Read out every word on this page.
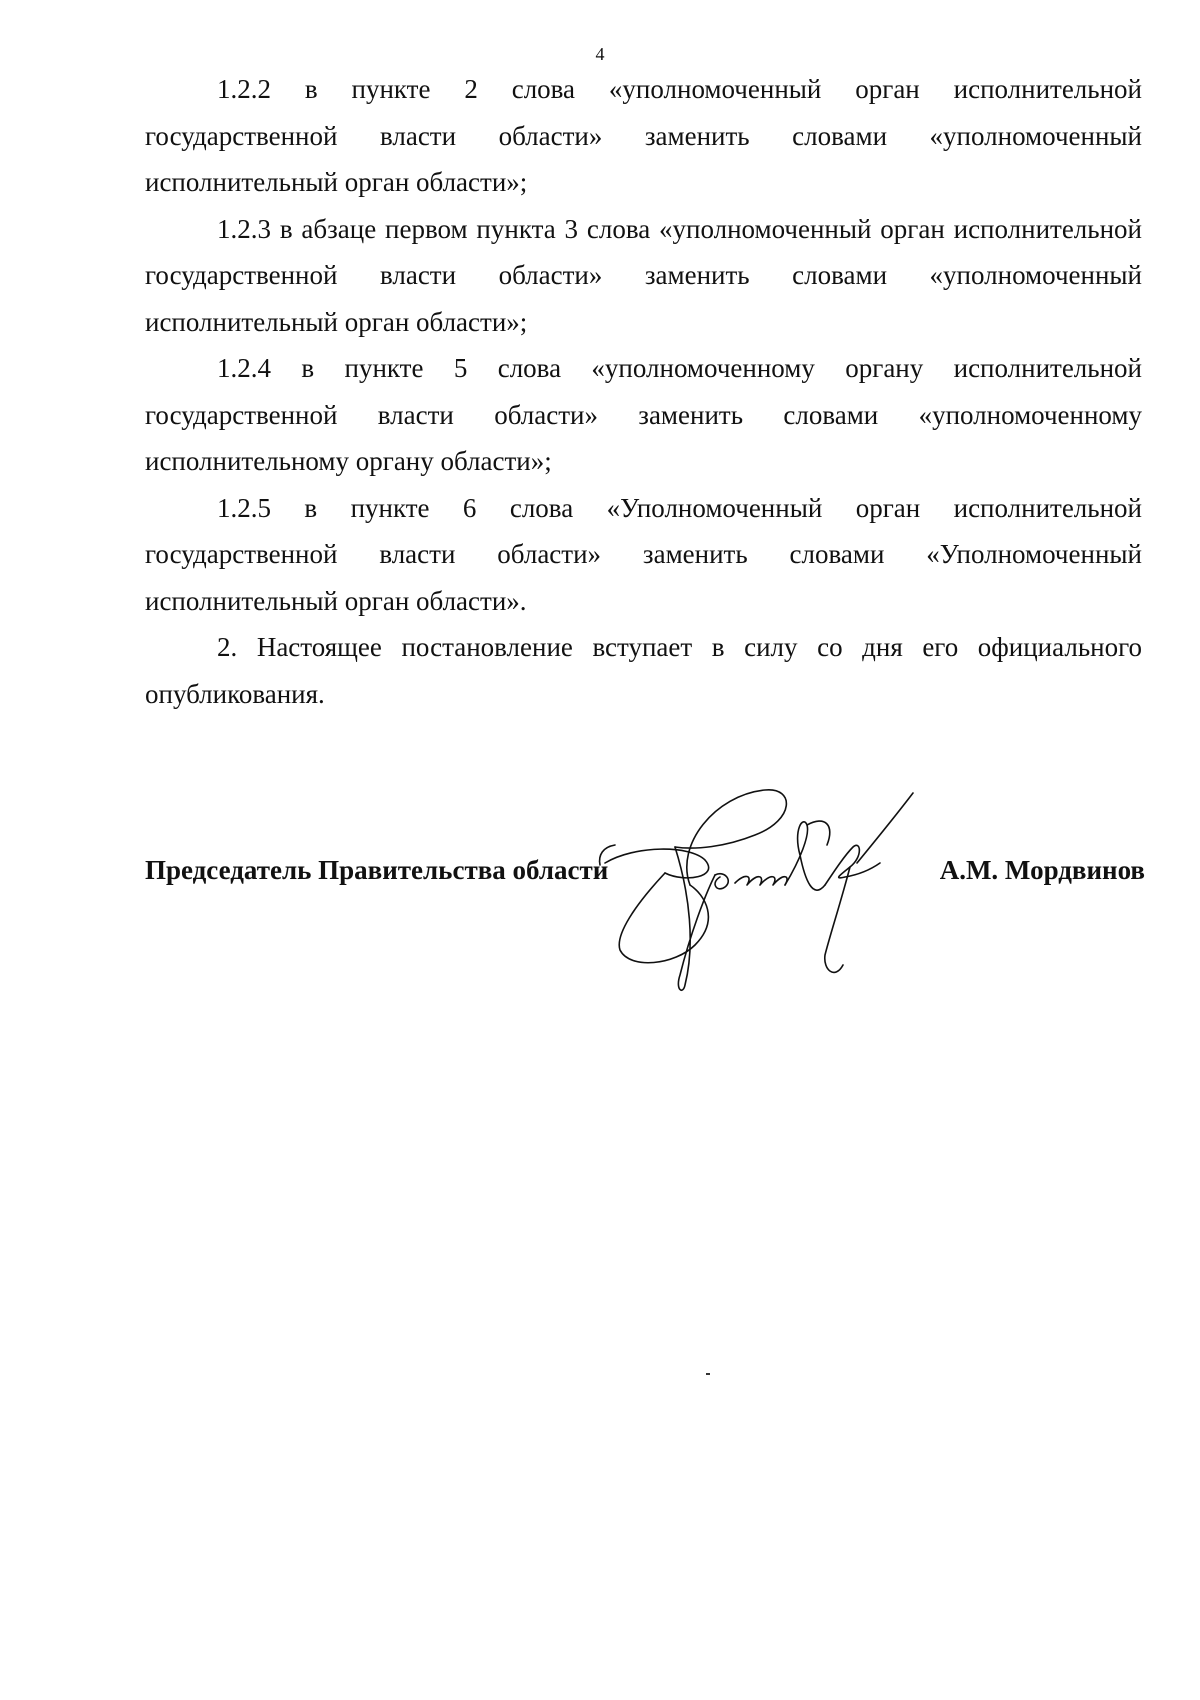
4

1.2.2 в пункте 2 слова «уполномоченный орган исполнительной государственной власти области» заменить словами «уполномоченный исполнительный орган области»;

1.2.3 в абзаце первом пункта 3 слова «уполномоченный орган исполнительной государственной власти области» заменить словами «уполномоченный исполнительный орган области»;

1.2.4 в пункте 5 слова «уполномоченному органу исполнительной государственной власти области» заменить словами «уполномоченному исполнительному органу области»;

1.2.5 в пункте 6 слова «Уполномоченный орган исполнительной государственной власти области» заменить словами «Уполномоченный исполнительный орган области».

2. Настоящее постановление вступает в силу со дня его официального опубликования.

Председатель Правительства области	А.М. Мордвинов
